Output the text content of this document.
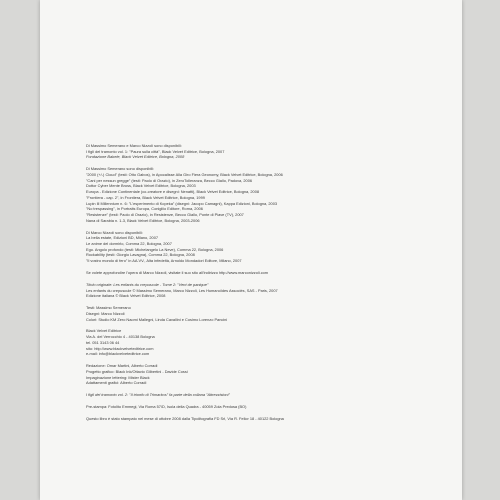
Di Massimo Semerano e Marco Nizzoli sono disponibili:
I figli del tramonto vol. 1: "Paura sulla città", Black Velvet Editrice, Bologna, 2007
Fondazione Babele, Black Velvet Editrice, Bologna, 2008
Di Massimo Semerano sono disponibili:
"2000 (+/-) Cloud" (testi: Otto Gabos), in Apocalisse Alla Giro Fiera Geonomy, Black Velvet Editrice, Bologna, 2006
"Cani per nessun gregge" (testi: Paolo di Orazio), in ZeroTolleranza, Becco Giallo, Padova, 2006
Dottor Cyber Mente Bross, Black Velvet Editrice, Bologna, 2003
Europa - Edizione Continentale (co-creatore e disegni: Nenatti), Black Velvet Editrice, Bologna, 2008
"Frontiera - cap. 2", in Frontiera, Black Velvet Editrice, Bologna, 1999
Lupin Ill Millennium n. 6: "L'esperimento di Kopeka" (disegni: Jacopo Camagni), Kappa Edizioni, Bologna, 2003
"No trespassing", in Portraits Europa, Conigliio Editore, Roma, 2006
"Resistenze" (testi: Paolo di Orazio), in Resistenze, Becco Giallo, Ponte di Piave (TV), 2007
Nana di Sarabia n. 1-3, Black Velvet Editrice, Bologna, 2003-2006
Di Marco Nizzoli sono disponibili:
La bella estate, Edizioni BD, Milano, 2007
Le anime del dormirlo, Comma 22, Bologna, 2007
Ego. Angolo profondo (testi: Michelangelo La Neve), Comma 22, Bologna, 2006
Rockability (testi: Giorgio Lavagna), Comma 22, Bologna, 2008
"Il vostro mondo di fero" in AA.VV., Alta infedeltà, Arnoldo Mondadori Editore, Milano, 2007
Se volete approfondire l'opera di Marco Nizzoli, visitate il suo sito all'indirizzo http://www.marconizzoli.com
Titolo originale: Les enfants du crepuscule - Tome 2: "Vent de panique"
Les enfants du crepuscule © Massimo Semerano, Marco Nizzoli, Les Humanoïdes Associés, SAS - Paris, 2007
Edizione italiana © Black Velvet Editrice, 2008
Testi: Massimo Semerano
Disegni: Marco Nizzoli
Colori: Studio KM Zero Naomi Mallegni, Linda Cavallini e Cosimo Lorenzo Pancini
Black Velvet Editrice
Via A. del Verrocchio 4 - 40138 Bologna
tel. 051 3143 06 44
sito: http://www.blackvelveteditrice.com
e-mail: info@blackvelveteditrice.com
Redazione: Omar Martini, Alberto Corradi
Progetto grafico: Black Ink/Ottavio Gilbertini - Davide Cossi
Impaginazione lettering: Mister Black
Adattamenti grafici: Alberto Corradi
I figli del tramonto vol. 2: "Il trionfo di Trimarkos" fa parte della collana "Attrezzisioni"
Pre-stampa: Fotolito Emmegi, Via Roma 57/D, Isola della Quadra - 40059 Zola Predosa (BO)
Questo libro è stato stampato nel mese di ottobre 2008 dalla Tipolitografia FD Srl, Via R. Fellor 18 - 40122 Bologna
